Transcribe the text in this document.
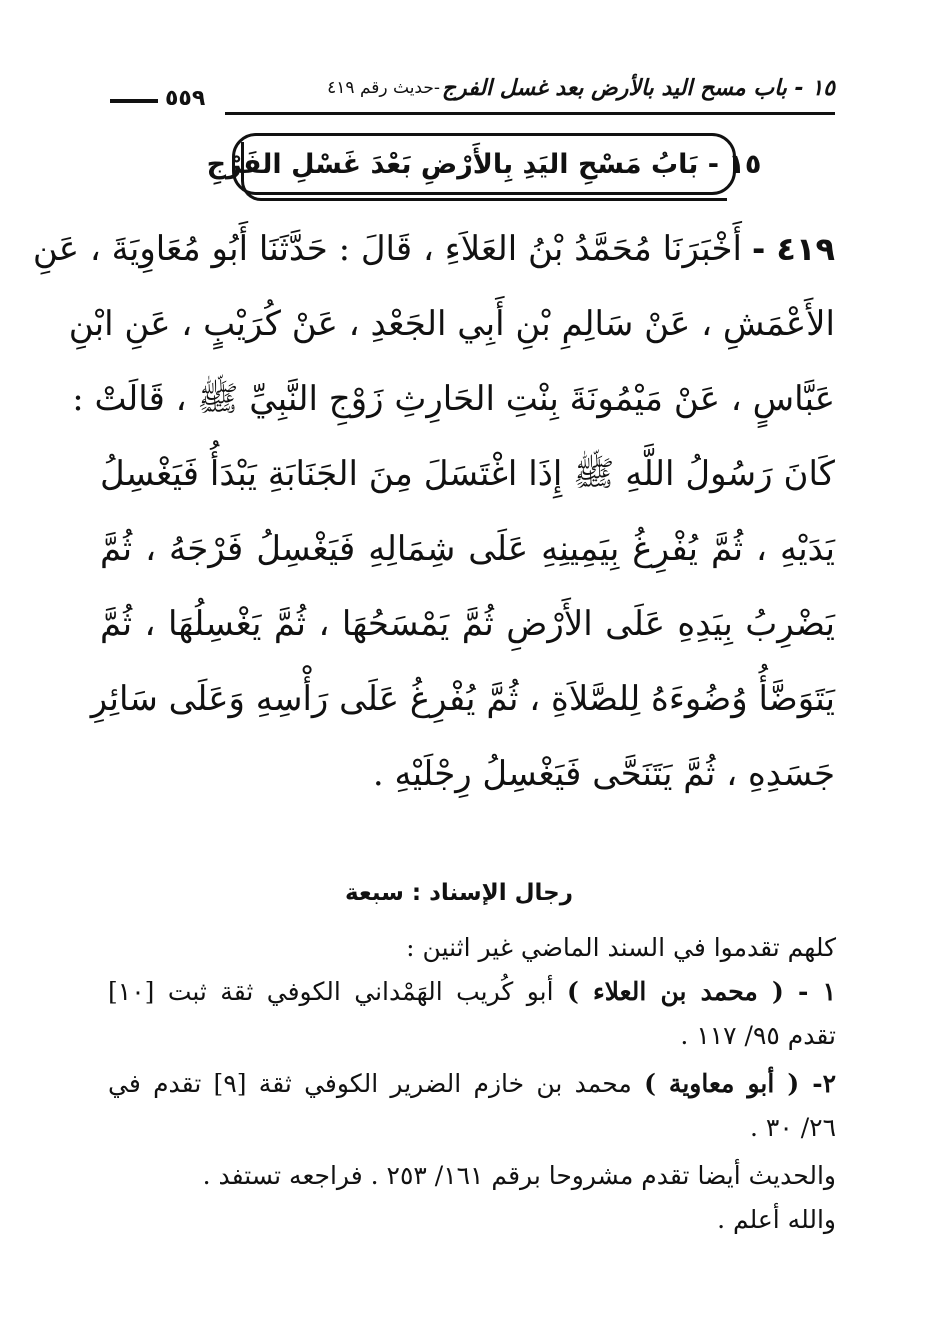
١٥ - باب مسح اليد بالأرض بعد غسل الفرج
-حديث رقم ٤١٩
٥٥٩
١٥ - بَابُ مَسْحِ اليَدِ بِالأَرْضِ بَعْدَ غَسْلِ الفَرْجِ
٤١٩ -أَخْبَرَنَا مُحَمَّدُ بْنُ العَلاَءِ ، قَالَ : حَدَّثَنَا أَبُو مُعَاوِيَةَ ، عَنِ
الأَعْمَشِ ، عَنْ سَالِمِ بْنِ أَبِي الجَعْدِ ، عَنْ كُرَيْبٍ ، عَنِ ابْنِ
عَبَّاسٍ ، عَنْ مَيْمُونَةَ بِنْتِ الحَارِثِ زَوْجِ النَّبِيِّ ﷺ ، قَالَتْ :
كَانَ رَسُولُ اللَّهِ ﷺ إِذَا اغْتَسَلَ مِنَ الجَنَابَةِ يَبْدَأُ فَيَغْسِلُ
يَدَيْهِ ، ثُمَّ يُفْرِغُ بِيَمِينِهِ عَلَى شِمَالِهِ فَيَغْسِلُ فَرْجَهُ ، ثُمَّ
يَضْرِبُ بِيَدِهِ عَلَى الأَرْضِ ثُمَّ يَمْسَحُهَا ، ثُمَّ يَغْسِلُهَا ، ثُمَّ
يَتَوَضَّأُ وُضُوءَهُ لِلصَّلاَةِ ، ثُمَّ يُفْرِغُ عَلَى رَأْسِهِ وَعَلَى سَائِرِ
جَسَدِهِ ، ثُمَّ يَتَنَحَّى فَيَغْسِلُ رِجْلَيْهِ .
رجال الإسناد : سبعة
كلهم تقدموا في السند الماضي غير اثنين :
١ - ( محمد بن العلاء ) أبو كُريب الهَمْداني الكوفي ثقة ثبت [١٠]
تقدم ٩٥/ ١١٧ .
٢- ( أبو معاوية ) محمد بن خازم الضرير الكوفي ثقة [٩] تقدم في
٢٦/ ٣٠ .
والحديث أيضا تقدم مشروحا برقم ١٦١/ ٢٥٣ . فراجعه تستفد .
والله أعلم .
